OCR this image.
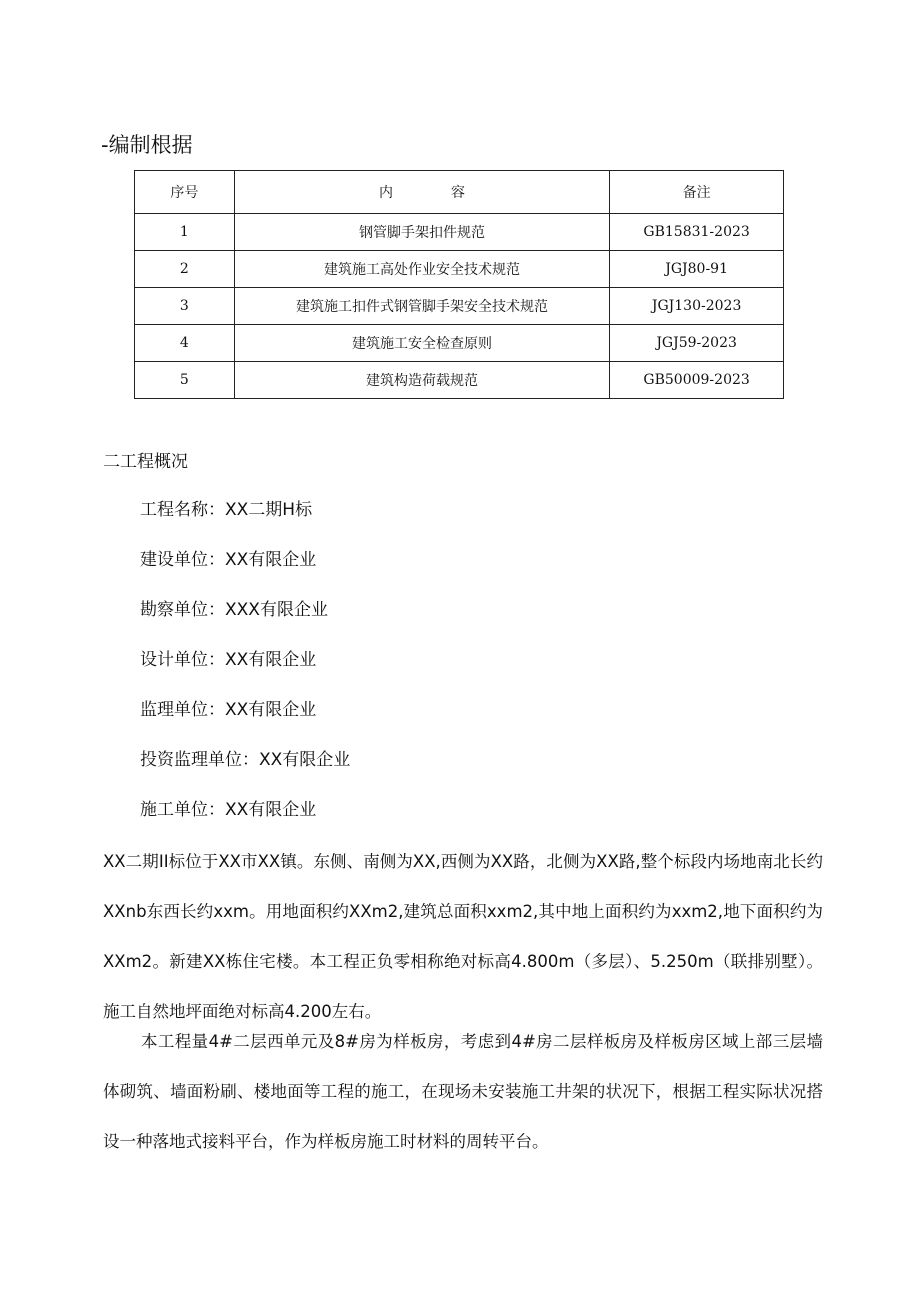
-编制根据
序号	内 容	备注
1	钢管脚手架扣件规范	GB15831-2023
2	建筑施工高处作业安全技术规范	JGJ80-91
3	建筑施工扣件式钢管脚手架安全技术规范	JGJ130-2023
4	建筑施工安全检查原则	JGJ59-2023
5	建筑构造荷载规范	GB50009-2023
二工程概况
工程名称：XX二期H标
建设单位：XX有限企业
勘察单位：XXX有限企业
设计单位：XX有限企业
监理单位：XX有限企业
投资监理单位：XX有限企业
施工单位：XX有限企业
XX二期II标位于XX市XX镇。东侧、南侧为XX,西侧为XX路，北侧为XX路,整个标段内场地南北长约XXnb东西长约xxm。用地面积约XXm2,建筑总面积xxm2,其中地上面积约为xxm2,地下面积约为XXm2。新建XX栋住宅楼。本工程正负零相称绝对标高4.800m（多层）、5.250m（联排别墅）。施工自然地坪面绝对标高4.200左右。
本工程量4#二层西单元及8#房为样板房，考虑到4#房二层样板房及样板房区域上部三层墙体砌筑、墙面粉刷、楼地面等工程的施工，在现场未安装施工井架的状况下，根据工程实际状况搭设一种落地式接料平台，作为样板房施工时材料的周转平台。
